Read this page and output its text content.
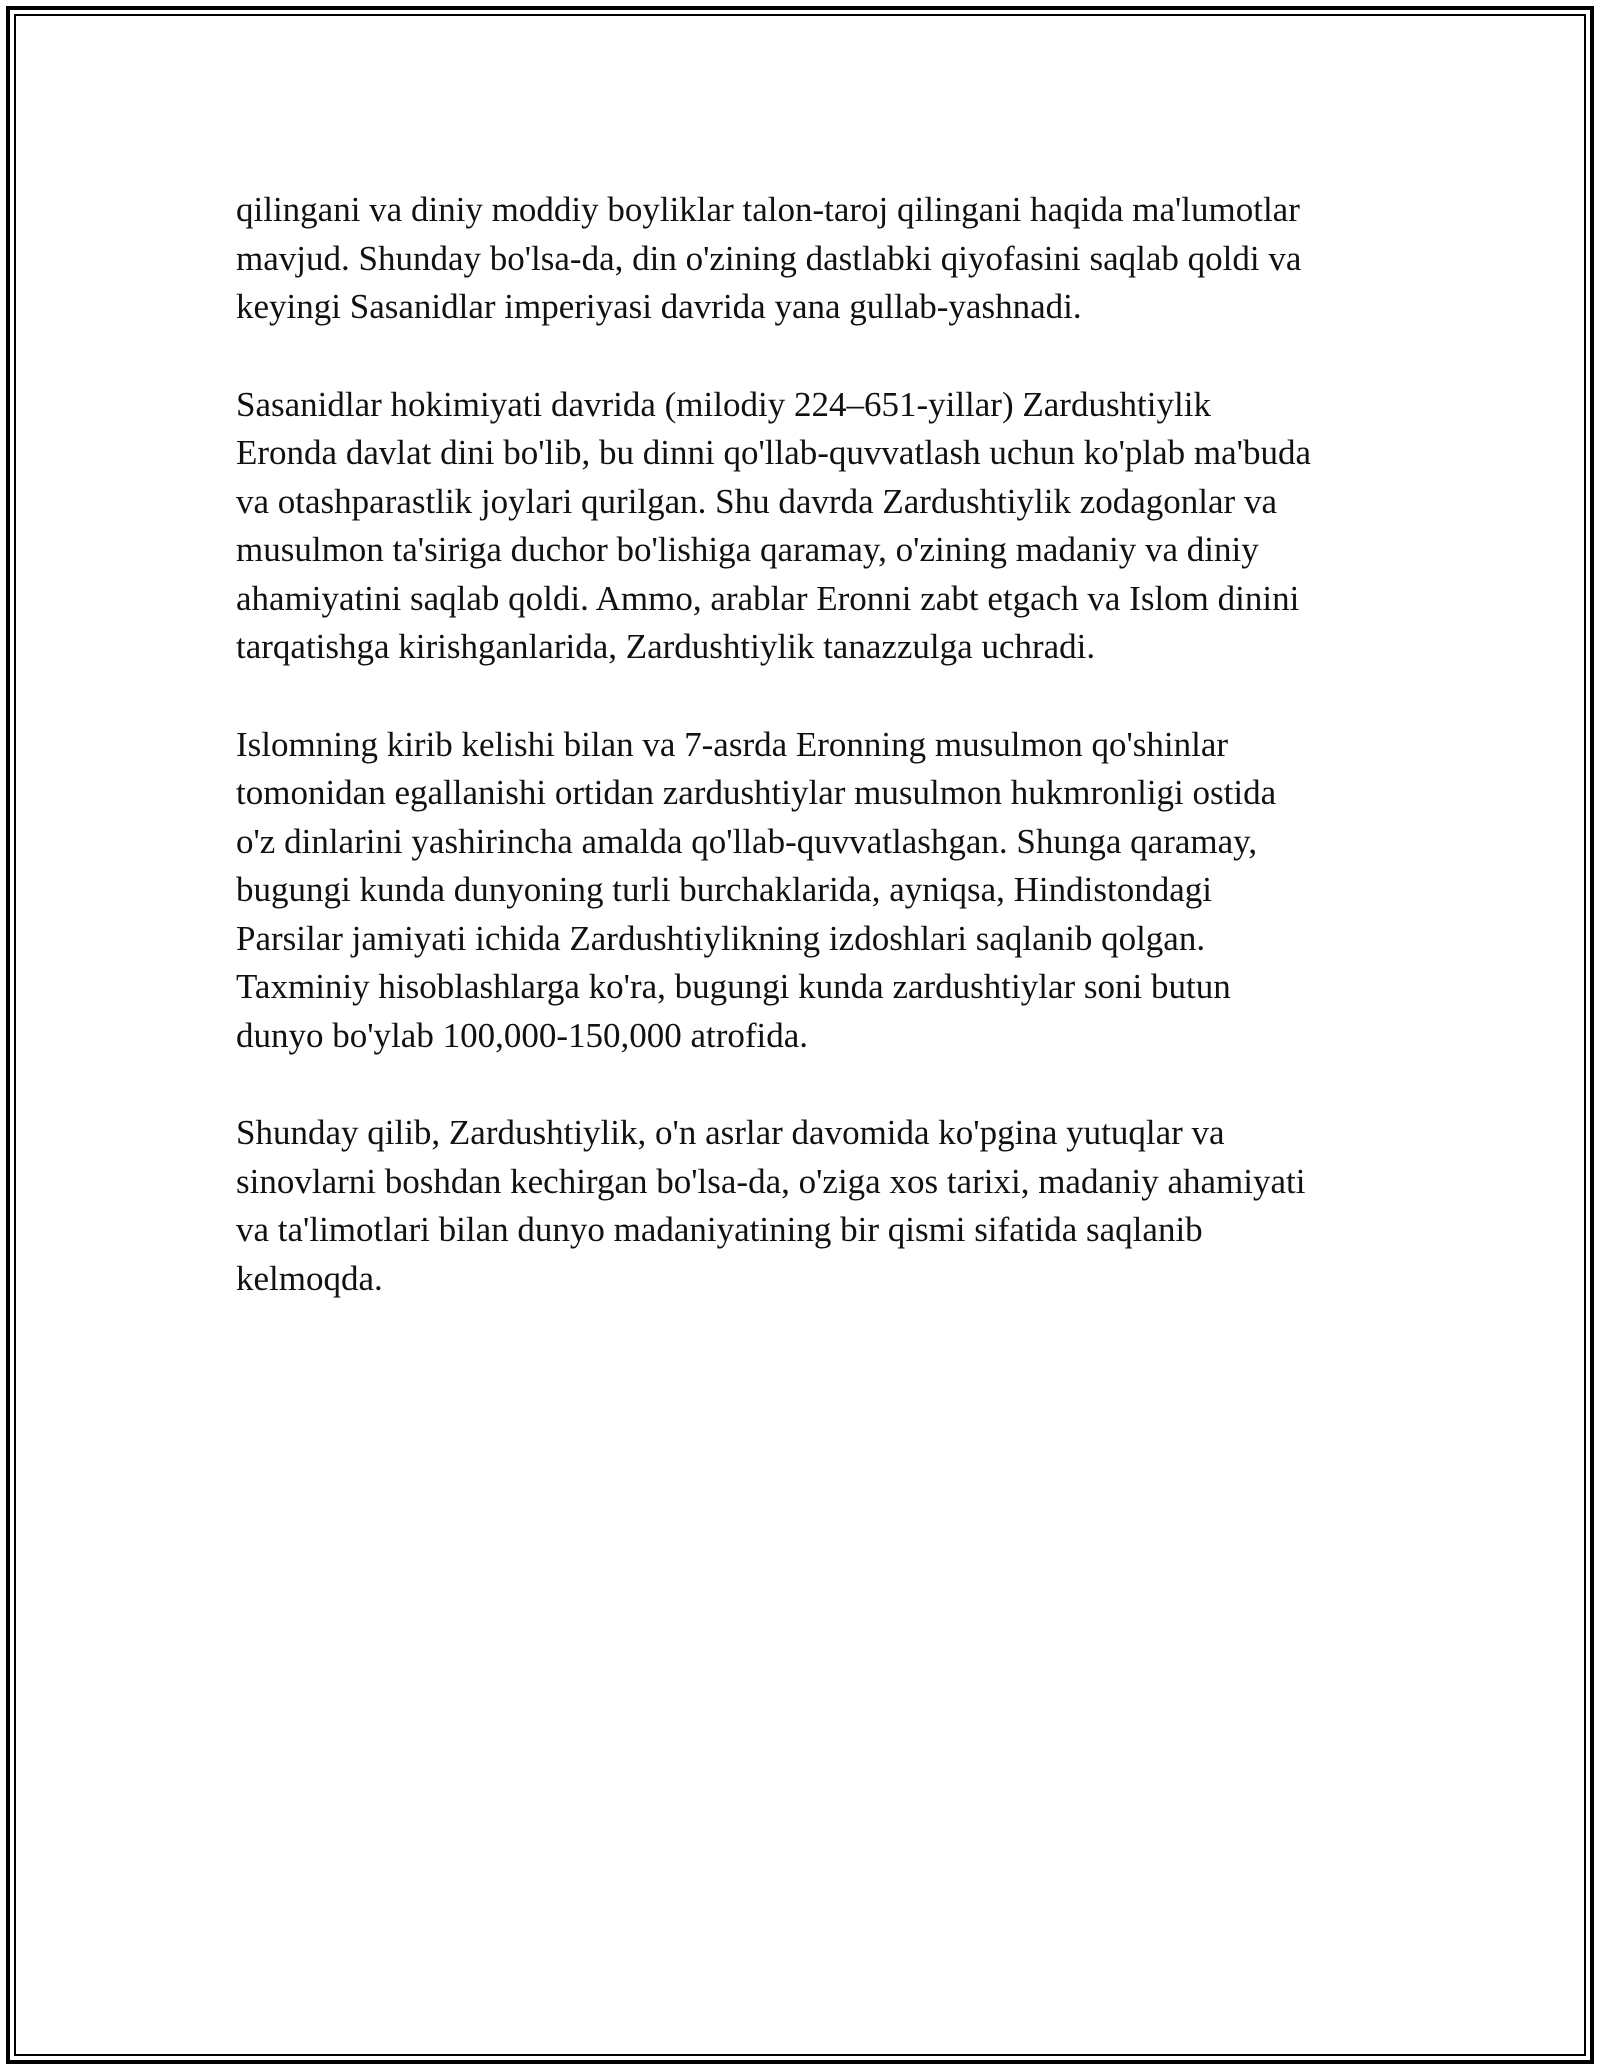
qilingani va diniy moddiy boyliklar talon-taroj qilingani haqida ma'lumotlar
mavjud. Shunday bo'lsa-da, din o'zining dastlabki qiyofasini saqlab qoldi va
keyingi Sasanidlar imperiyasi davrida yana gullab-yashnadi.

Sasanidlar hokimiyati davrida (milodiy 224–651-yillar) Zardushtiylik
Eronda davlat dini bo'lib, bu dinni qo'llab-quvvatlash uchun ko'plab ma'buda
va otashparastlik joylari qurilgan. Shu davrda Zardushtiylik zodagonlar va
musulmon ta'siriga duchor bo'lishiga qaramay, o'zining madaniy va diniy
ahamiyatini saqlab qoldi. Ammo, arablar Eronni zabt etgach va Islom dinini
tarqatishga kirishganlarida, Zardushtiylik tanazzulga uchradi.

Islomning kirib kelishi bilan va 7-asrda Eronning musulmon qo'shinlar
tomonidan egallanishi ortidan zardushtiylar musulmon hukmronligi ostida
o'z dinlarini yashirincha amalda qo'llab-quvvatlashgan. Shunga qaramay,
bugungi kunda dunyoning turli burchaklarida, ayniqsa, Hindistondagi
Parsilar jamiyati ichida Zardushtiylikning izdoshlari saqlanib qolgan.
Taxminiy hisoblashlarga ko'ra, bugungi kunda zardushtiylar soni butun
dunyo bo'ylab 100,000-150,000 atrofida.

Shunday qilib, Zardushtiylik, o'n asrlar davomida ko'pgina yutuqlar va
sinovlarni boshdan kechirgan bo'lsa-da, o'ziga xos tarixi, madaniy ahamiyati
va ta'limotlari bilan dunyo madaniyatining bir qismi sifatida saqlanib
kelmoqda.
